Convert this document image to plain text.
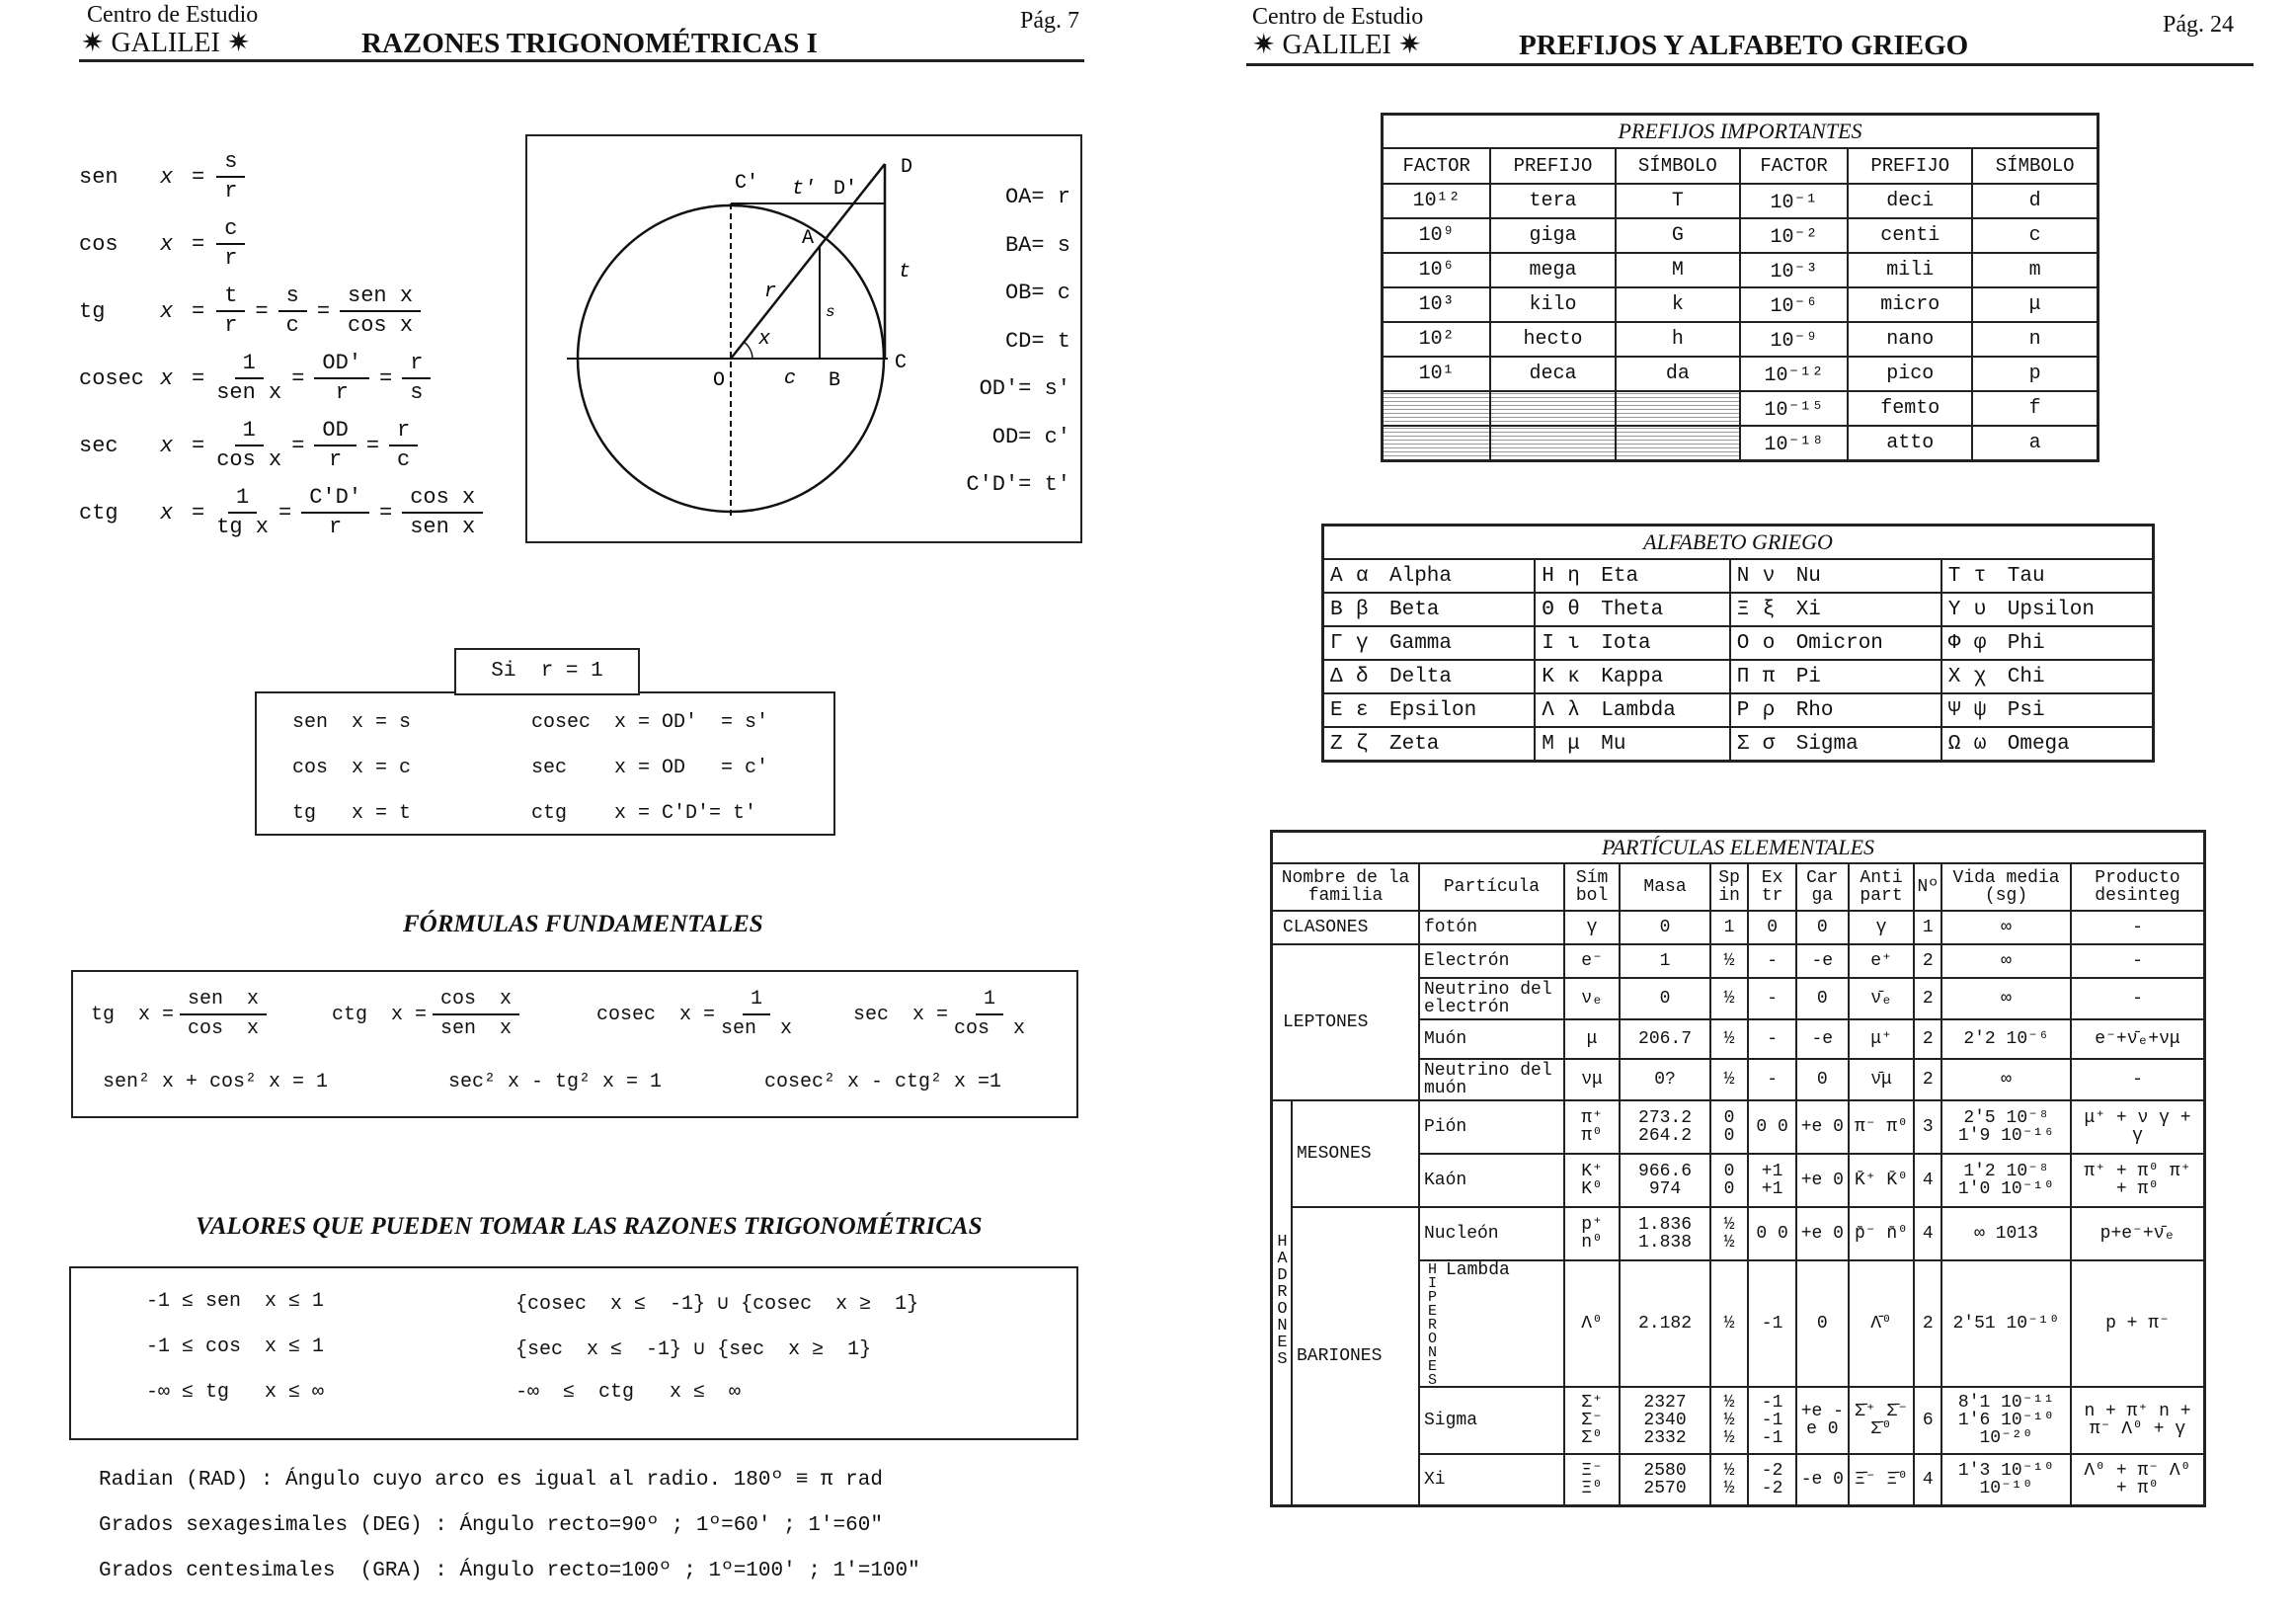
Centro de Estudio
✷ GALILEI ✷	RAZONES TRIGONOMÉTRICAS I
Pág. 7
sen	$x = \frac{s}{r}$
cos	$x = \frac{c}{r}$
tg	$x = \frac{t}{r} = \frac{s}{c} = \frac{\text{sen x}}{\text{cos x}}$
cosec $x = \frac{1}{\text{sen x}} = \frac{OD'}{r} = \frac{r}{s}$
sec	$x = \frac{1}{\text{cos x}} = \frac{OD}{r} = \frac{r}{c}$
ctg	$x = \frac{1}{\text{tg x}} = \frac{C'D'}{r} = \frac{\text{cos x}}{\text{sen x}}$
C' t' D'
D
A
t
r
s
x
O	c B
C
OA= r
BA= s
OB= c
CD= t
OD'= s'
OD= c'
C'D'= t'
Si  r = 1
sen  x = s	cosec  x = OD'  = s'
cos  x = c	sec    x = OD   = c'
tg   x = t	ctg    x = C'D'= t'
FÓRMULAS FUNDAMENTALES
tg  $x = \frac{\text{sen  x}}{\text{cos  x}}$	ctg  $x = \frac{\text{cos  x}}{\text{sen  x}}$	cosec  $x = \frac{1}{\text{sen  x}}$	$\sec x = \frac{1}{\text{cos  x}}$
sen² x + cos² x = 1	sec² x - tg² x = 1	cosec² x - ctg² x =1
VALORES QUE PUEDEN TOMAR LAS RAZONES TRIGONOMÉTRICAS
-1 ≤ sen  x ≤ 1	{cosec  x ≤  -1} ∪ {cosec  x ≥  1}
-1 ≤ cos  x ≤ 1	{sec  x ≤  -1} ∪ {sec  x ≥  1}
-∞ ≤ tg   x ≤ ∞	-∞  ≤  ctg   x ≤  ∞
Radian (RAD) : Ángulo cuyo arco es igual al radio. 180º ≡ π rad
Grados sexagesimales (DEG) : Ángulo recto=90º ; 1º=60' ; 1'=60"
Grados centesimales  (GRA) : Ángulo recto=100º ; 1º=100' ; 1'=100"
Centro de Estudio
✷ GALILEI ✷	PREFIJOS Y ALFABETO GRIEGO
Pág. 24
PREFIJOS IMPORTANTES					
FACTOR	PREFIJO	SÍMBOLO	FACTOR	PREFIJO	SÍMBOLO
10¹²	tera	T	10⁻¹	deci	d
10⁹	giga	G	10⁻²	centi	c
10⁶	mega	M	10⁻³	mili	m
10³	kilo	k	10⁻⁶	micro	μ
10²	hecto	h	10⁻⁹	nano	n
10¹	deca	da	10⁻¹²	pico	p
			10⁻¹⁵	femto	f
			10⁻¹⁸	atto	a
ALFABETO GRIEGO			
Α α Alpha	Η η Eta	Ν ν Nu	Τ τ Tau
Β β Beta	Θ θ Theta	Ξ ξ Xi	Υ υ Upsilon
Γ γ Gamma	Ι ι Iota	Ο ο Omicron	Φ φ Phi
Δ δ Delta	Κ κ Kappa	Π π Pi	Χ χ Chi
Ε ε Epsilon	Λ λ Lambda	Ρ ρ Rho	Ψ ψ Psi
Ζ ζ Zeta	Μ μ Mu	Σ σ Sigma	Ω ω Omega
PARTÍCULAS ELEMENTALES											
Nombre de la familia		Partícula	Sím bol	Masa	Sp in	Ex tr	Car ga	Anti part	Nº	Vida media (sg)	Producto desinteg
CLASONES		fotón	γ	0	1	0	0	γ	1	∞	-
LEPTONES		Electrón	e⁻	1	½	-	-e	e⁺	2	∞	-
		Neutrino del electrón	νₑ	0	½	-	0	ν̄ₑ	2	∞	-
		Muón	μ	206.7	½	-	-e	μ⁺	2	2'2 10⁻⁶	e⁻+ν̄ₑ+νμ
		Neutrino del muón	νμ	0?	½	-	0	ν̄μ	2	∞	-
HADRONES	MESONES	Pión	π⁺ π⁰	273.2 264.2	0 0	0 0	+e 0	π⁻ π⁰	3	2'5 10⁻⁸ 1'9 10⁻¹⁶	μ⁺ + ν γ + γ
		Kaón	K⁺ K⁰	966.6 974	0 0	+1 +1	+e 0	K̄⁺ K̄⁰	4	1'2 10⁻⁸ 1'0 10⁻¹⁰	π⁺ + π⁰ π⁺ + π⁰
	BARIONES	Nucleón	p⁺ n⁰	1.836 1.838	½ ½	0 0	+e 0	p̄⁻ n̄⁰	4	∞ 1013	p+e⁻+ν̄ₑ

		HIPERONES Lambda	Λ⁰	2.182	½	-1	0	Λ̄⁰	2	2'51 10⁻¹⁰	p + π⁻
		Sigma	Σ⁺ Σ⁻ Σ⁰	2327 2340 2332	½ ½ ½	-1 -1 -1	+e -e 0	Σ̄⁺ Σ̄⁻ Σ̄⁰	6	8'1 10⁻¹¹ 1'6 10⁻¹⁰ 10⁻²⁰	n + π⁺ n + π⁻ Λ⁰ + γ
		Xi	Ξ⁻ Ξ⁰	2580 2570	½ ½	-2 -2	-e 0	Ξ̄⁻ Ξ̄⁰	4	1'3 10⁻¹⁰ 10⁻¹⁰	Λ⁰ + π⁻ Λ⁰ + π⁰
